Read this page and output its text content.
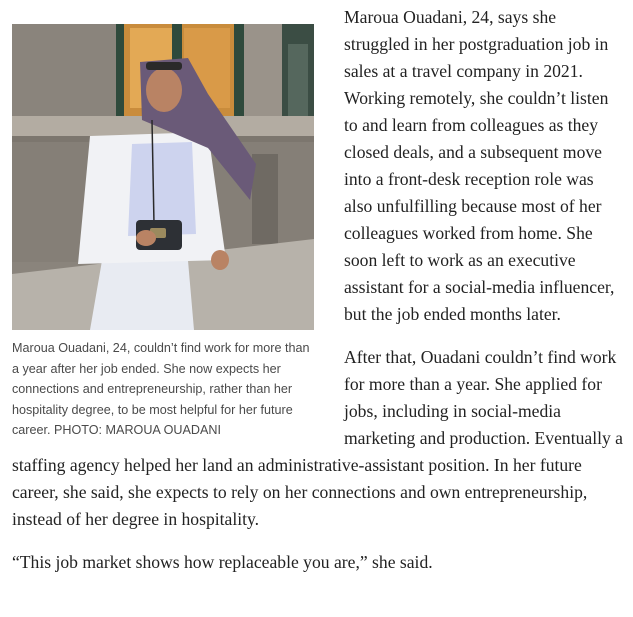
Maroua Ouadani, 24, couldn’t find work for more than a year after her job ended. She now expects her connections and entrepreneurship, rather than her hospitality degree, to be most helpful for her future career. PHOTO: MAROUA OUADANI

Maroua Ouadani, 24, says she struggled in her postgraduation job in sales at a travel company in 2021. Working remotely, she couldn’t listen to and learn from colleagues as they closed deals, and a subsequent move into a front-desk reception role was also unfulfilling because most of her colleagues worked from home. She soon left to work as an executive assistant for a social-media influencer, but the job ended months later.

After that, Ouadani couldn’t find work for more than a year. She applied for jobs, including in social-media marketing and production. Eventually a staffing agency helped her land an administrative-assistant position. In her future career, she said, she expects to rely on her connections and own entrepreneurship, instead of her degree in hospitality.

“This job market shows how replaceable you are,” she said.
